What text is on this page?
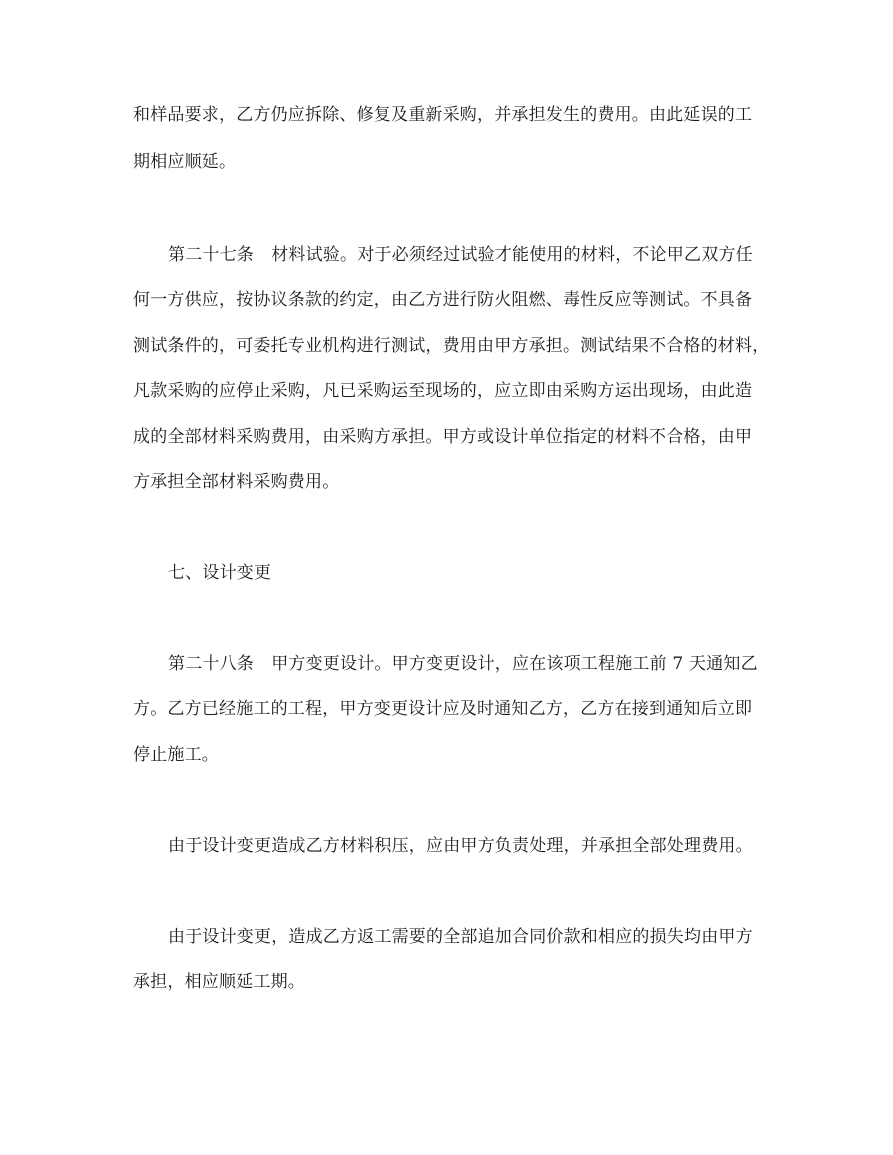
和样品要求，乙方仍应拆除、修复及重新采购，并承担发生的费用。由此延误的工

期相应顺延。

第二十七条　材料试验。对于必须经过试验才能使用的材料，不论甲乙双方任

何一方供应，按协议条款的约定，由乙方进行防火阻燃、毒性反应等测试。不具备

测试条件的，可委托专业机构进行测试，费用由甲方承担。测试结果不合格的材料，

凡款采购的应停止采购，凡已采购运至现场的，应立即由采购方运出现场，由此造

成的全部材料采购费用，由采购方承担。甲方或设计单位指定的材料不合格，由甲

方承担全部材料采购费用。

七、设计变更

第二十八条　甲方变更设计。甲方变更设计，应在该项工程施工前 7 天通知乙

方。乙方已经施工的工程，甲方变更设计应及时通知乙方，乙方在接到通知后立即

停止施工。

由于设计变更造成乙方材料积压，应由甲方负责处理，并承担全部处理费用。

由于设计变更，造成乙方返工需要的全部追加合同价款和相应的损失均由甲方

承担，相应顺延工期。
